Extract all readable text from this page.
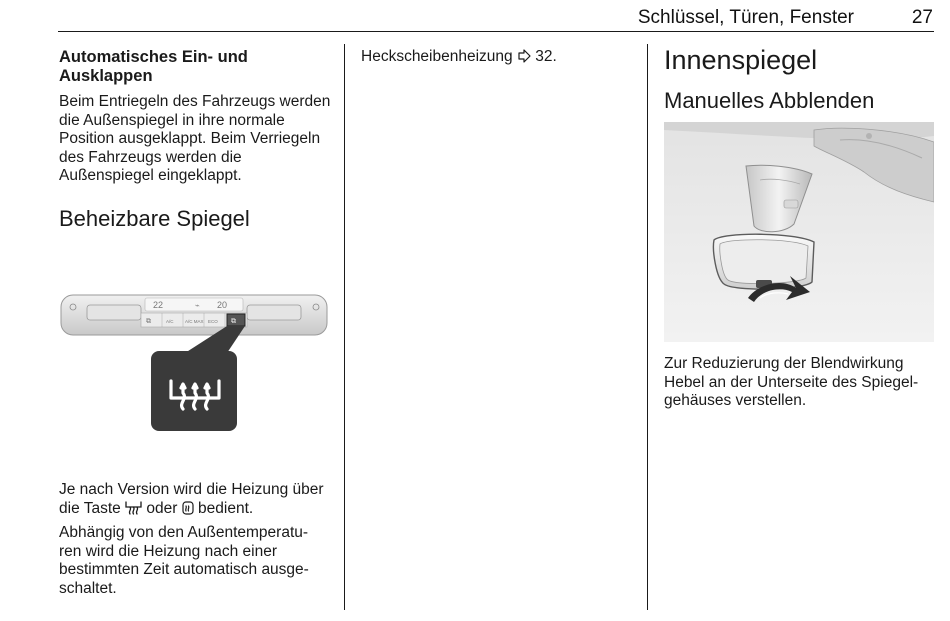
Schlüssel, Türen, Fenster	27

Automatisches Ein- und Ausklappen

Beim Entriegeln des Fahrzeugs werden die Außenspiegel in ihre normale Position ausgeklappt. Beim Verriegeln des Fahrzeugs werden die Außenspiegel eingeklappt.

Beheizbare Spiegel

22	20
⌁
⧉	A/C	A/C MAX ECO ⧉

Je nach Version wird die Heizung über die Taste oder bedient.

Abhängig von den Außentemperatu-
ren wird die Heizung nach einer
bestimmten Zeit automatisch ausge-
schaltet.

Heckscheibenheizung 32.	Innenspiegel

Manuelles Abblenden

Zur Reduzierung der Blendwirkung
Hebel an der Unterseite des Spiegel-
gehäuses verstellen.
